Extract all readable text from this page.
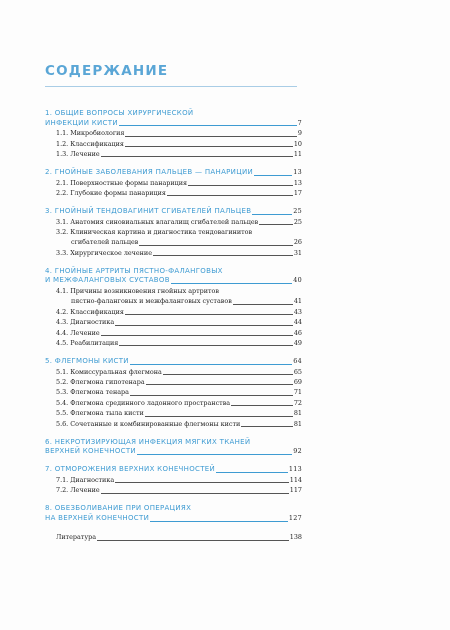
СОДЕРЖАНИЕ
1. ОБЩИЕ ВОПРОСЫ ХИРУРГИЧЕСКОЙ
ИНФЕКЦИИ КИСТИ	7
1.1. Микробиология	9
1.2. Классификация	10
1.3. Лечение	11
2. ГНОЙНЫЕ ЗАБОЛЕВАНИЯ ПАЛЬЦЕВ — ПАНАРИЦИИ	13
2.1. Поверхностные формы панариция	13
2.2. Глубокие формы панариция	17
3. ГНОЙНЫЙ ТЕНДОВАГИНИТ СГИБАТЕЛЕЙ ПАЛЬЦЕВ	25
3.1. Анатомия синовиальных влагалищ сгибателей пальцев	25
3.2. Клиническая картина и диагностика тендовагинитов
сгибателей пальцев	26
3.3. Хирургическое лечение	31
4. ГНОЙНЫЕ АРТРИТЫ ПЯСТНО-ФАЛАНГОВЫХ
И МЕЖФАЛАНГОВЫХ СУСТАВОВ	40
4.1. Причины возникновения гнойных артритов
пястно-фаланговых и межфаланговых суставов	41
4.2. Классификация	43
4.3. Диагностика	44
4.4. Лечение	46
4.5. Реабилитация	49
5. ФЛЕГМОНЫ КИСТИ	64
5.1. Комиссуральная флегмона	65
5.2. Флегмона гипотенара	69
5.3. Флегмона тенара	71
5.4. Флегмона срединного ладонного пространства	72
5.5. Флегмона тыла кисти	81
5.6. Сочетанные и комбинированные флегмоны кисти	81
6. НЕКРОТИЗИРУЮЩАЯ ИНФЕКЦИЯ МЯГКИХ ТКАНЕЙ
ВЕРХНЕЙ КОНЕЧНОСТИ	92
7. ОТМОРОЖЕНИЯ ВЕРХНИХ КОНЕЧНОСТЕЙ	113
7.1. Диагностика	114
7.2. Лечение	117
8. ОБЕЗБОЛИВАНИЕ ПРИ ОПЕРАЦИЯХ
НА ВЕРХНЕЙ КОНЕЧНОСТИ	127
Литература	138
